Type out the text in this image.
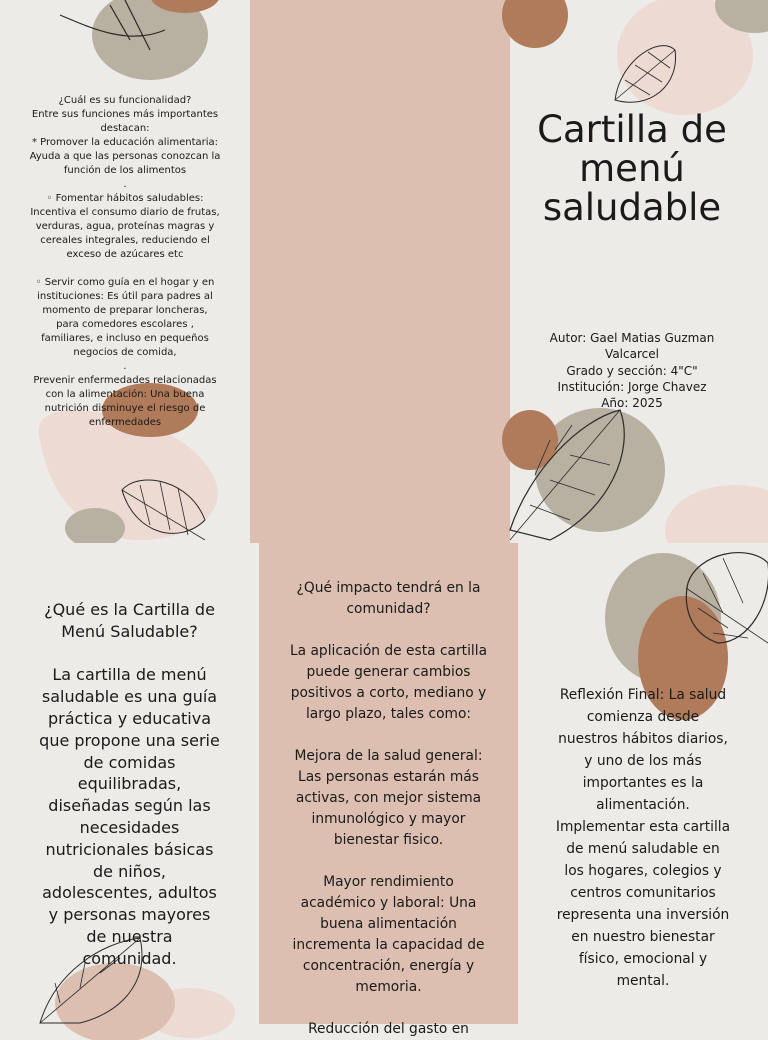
¿Cuál es su funcionalidad?
Entre sus funciones más importantes
destacan:
* Promover la educación alimentaria:
Ayuda a que las personas conozcan la
función de los alimentos
.
◦ Fomentar hábitos saludables:
Incentiva el consumo diario de frutas,
verduras, agua, proteínas magras y
cereales integrales, reduciendo el
exceso de azúcares etc
◦ Servir como guía en el hogar y en
instituciones: Es útil para padres al
momento de preparar loncheras,
para comedores escolares ,
familiares, e incluso en pequeños
negocios de comida,
.
Prevenir enfermedades relacionadas
con la alimentación: Una buena
nutrición disminuye el riesgo de
enfermedades
Cartilla de
menú
saludable
Autor: Gael Matias Guzman
Valcarcel
Grado y sección: 4"C"
Institución: Jorge Chavez
Año: 2025
¿Qué es la Cartilla de
Menú Saludable?
La cartilla de menú
saludable es una guía
práctica y educativa
que propone una serie
de comidas
equilibradas,
diseñadas según las
necesidades
nutricionales básicas
de niños,
adolescentes, adultos
y personas mayores
de nuestra
comunidad.
¿Qué impacto tendrá en la
comunidad?
La aplicación de esta cartilla
puede generar cambios
positivos a corto, mediano y
largo plazo, tales como:
Mejora de la salud general:
Las personas estarán más
activas, con mejor sistema
inmunológico y mayor
bienestar fisico.
Mayor rendimiento
académico y laboral: Una
buena alimentación
incrementa la capacidad de
concentración, energía y
memoria.
Reducción del gasto en
Reflexión Final: La salud
comienza desde
nuestros hábitos diarios,
y uno de los más
importantes es la
alimentación.
Implementar esta cartilla
de menú saludable en
los hogares, colegios y
centros comunitarios
representa una inversión
en nuestro bienestar
físico, emocional y
mental.
